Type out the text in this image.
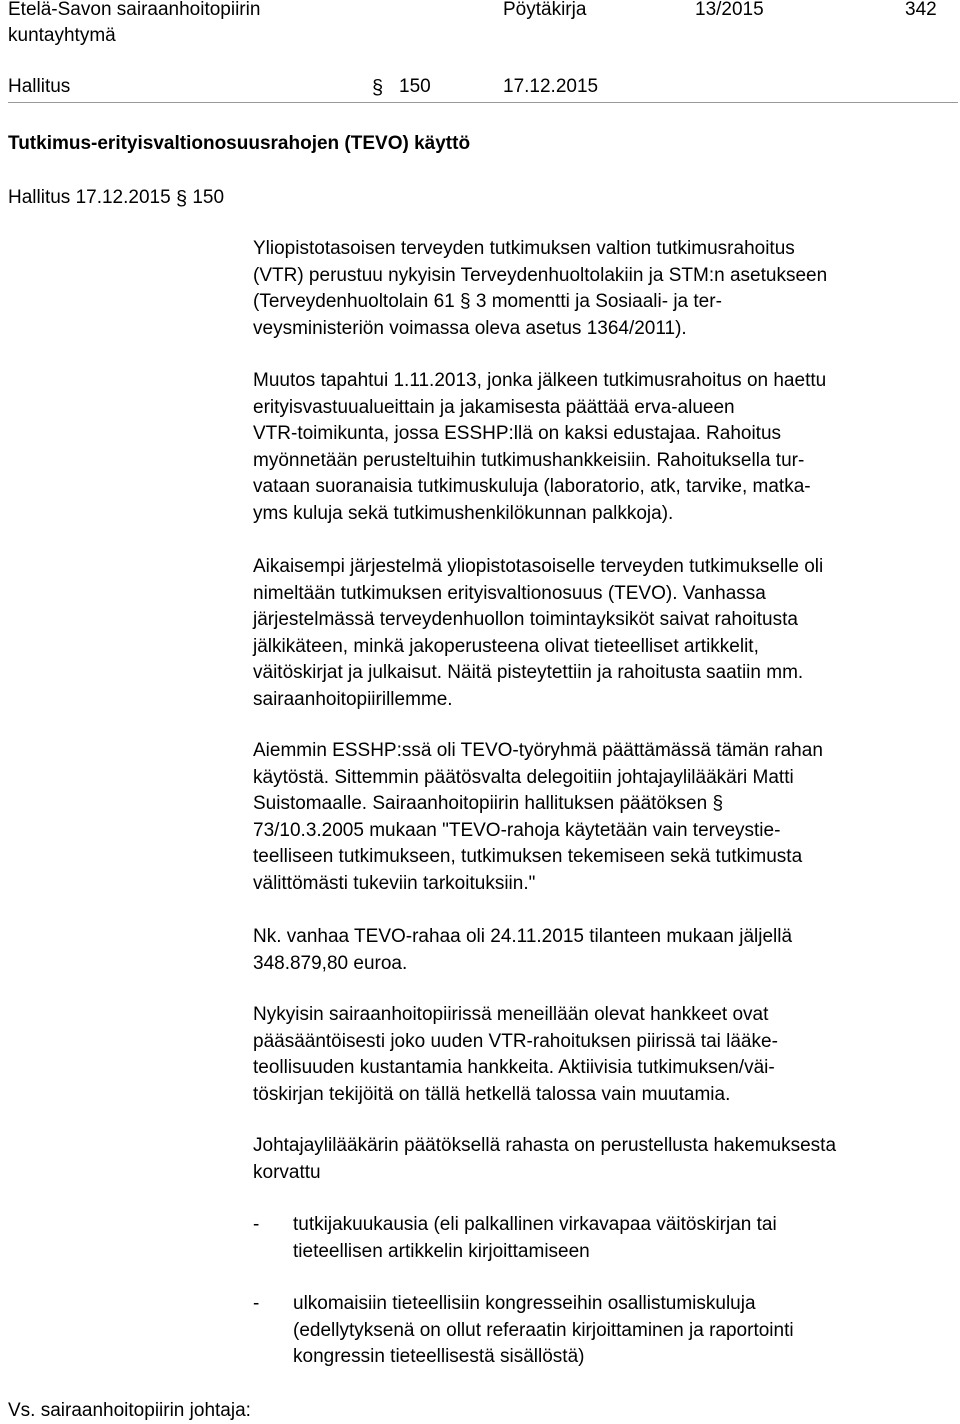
Etelä-Savon sairaanhoitopiirin
kuntayhtymä
Pöytäkirja	13/2015	342
Hallitus	§ 150	17.12.2015
Tutkimus-erityisvaltionosuusrahojen (TEVO) käyttö
Hallitus 17.12.2015 § 150
Yliopistotasoisen terveyden tutkimuksen valtion tutkimusrahoitus
(VTR) perustuu nykyisin Terveydenhuoltolakiin ja STM:n asetukseen
(Terveydenhuoltolain 61 § 3 momentti ja Sosiaali- ja ter-
veysministeriön voimassa oleva asetus 1364/2011).
Muutos tapahtui 1.11.2013, jonka jälkeen tutkimusrahoitus on haettu
erityisvastuualueittain ja jakamisesta päättää erva-alueen
VTR-toimikunta, jossa ESSHP:llä on kaksi edustajaa. Rahoitus
myönnetään perusteltuihin tutkimushankkeisiin. Rahoituksella tur-
vataan suoranaisia tutkimuskuluja (laboratorio, atk, tarvike, matka-
yms kuluja sekä tutkimushenkilökunnan palkkoja).
Aikaisempi järjestelmä yliopistotasoiselle terveyden tutkimukselle oli
nimeltään tutkimuksen erityisvaltionosuus (TEVO). Vanhassa
järjestelmässä terveydenhuollon toimintayksiköt saivat rahoitusta
jälkikäteen, minkä jakoperusteena olivat tieteelliset artikkelit,
väitöskirjat ja julkaisut. Näitä pisteytettiin ja rahoitusta saatiin mm.
sairaanhoitopiirillemme.
Aiemmin ESSHP:ssä oli TEVO-työryhmä päättämässä tämän rahan
käytöstä. Sittemmin päätösvalta delegoitiin johtajaylilääkäri Matti
Suistomaalle. Sairaanhoitopiirin hallituksen päätöksen §
73/10.3.2005 mukaan "TEVO-rahoja käytetään vain terveystie-
teelliseen tutkimukseen, tutkimuksen tekemiseen sekä tutkimusta
välittömästi tukeviin tarkoituksiin."
Nk. vanhaa TEVO-rahaa oli 24.11.2015 tilanteen mukaan jäljellä
348.879,80 euroa.
Nykyisin sairaanhoitopiirissä meneillään olevat hankkeet ovat
pääsääntöisesti joko uuden VTR-rahoituksen piirissä tai lääke-
teollisuuden kustantamia hankkeita. Aktiivisia tutkimuksen/väi-
töskirjan tekijöitä on tällä hetkellä talossa vain muutamia.
Johtajaylilääkärin päätöksellä rahasta on perustellusta hakemuksesta
korvattu
- tutkijakuukausia (eli palkallinen virkavapaa väitöskirjan tai
tieteellisen artikkelin kirjoittamiseen
- ulkomaisiin tieteellisiin kongresseihin osallistumiskuluja
(edellytyksenä on ollut referaatin kirjoittaminen ja raportointi
kongressin tieteellisestä sisällöstä)
Vs. sairaanhoitopiirin johtaja:
